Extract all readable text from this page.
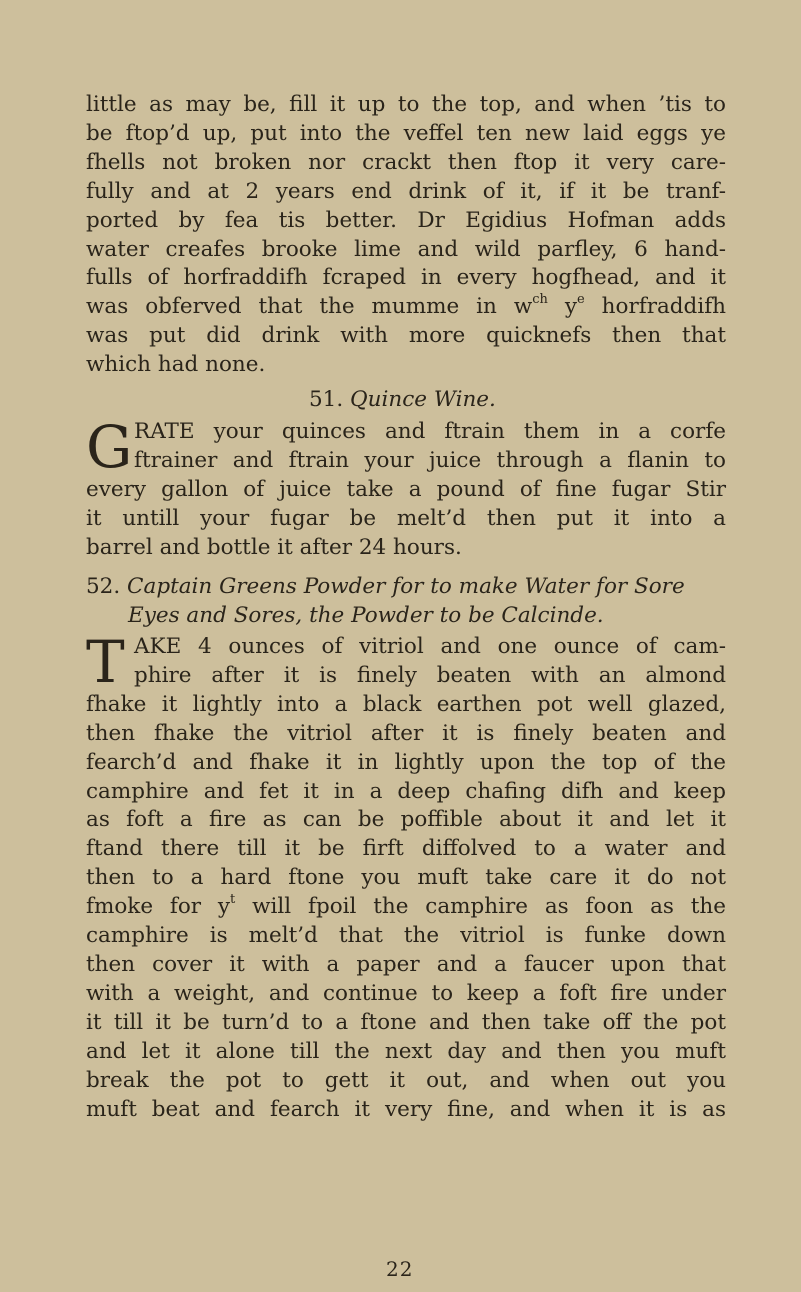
little as may be, fill it up to the top, and when ’tis to
be ftop’d up, put into the veffel ten new laid eggs ye
fhells not broken nor crackt then ftop it very care-
fully and at 2 years end drink of it, if it be tranf-
ported by fea tis better. Dr Egidius Hofman adds
water creafes brooke lime and wild parfley, 6 hand-
fulls of horfraddifh fcraped in every hogfhead, and it
was obferved that the mumme in $w^{ch}$ $y^e$ horfraddifh
was put did drink with more quicknefs then that
which had none.
51. Quince Wine.
G RATE your quinces and ftrain them in a corfe
ftrainer and ftrain your juice through a flanin to
every gallon of juice take a pound of fine fugar Stir
it untill your fugar be melt’d then put it into a
barrel and bottle it after 24 hours.
52. Captain Greens Powder for to make Water for Sore
Eyes and Sores, the Powder to be Calcinde.
T AKE 4 ounces of vitriol and one ounce of cam-
phire after it is finely beaten with an almond
fhake it lightly into a black earthen pot well glazed,
then fhake the vitriol after it is finely beaten and
fearch’d and fhake it in lightly upon the top of the
camphire and fet it in a deep chafing difh and keep
as foft a fire as can be poffible about it and let it
ftand there till it be firft diffolved to a water and
then to a hard ftone you muft take care it do not
fmoke for $y^t$ will fpoil the camphire as foon as the
camphire is melt’d that the vitriol is funke down
then cover it with a paper and a faucer upon that
with a weight, and continue to keep a foft fire under
it till it be turn’d to a ftone and then take off the pot
and let it alone till the next day and then you muft
break the pot to gett it out, and when out you
muft beat and fearch it very fine, and when it is as
22
